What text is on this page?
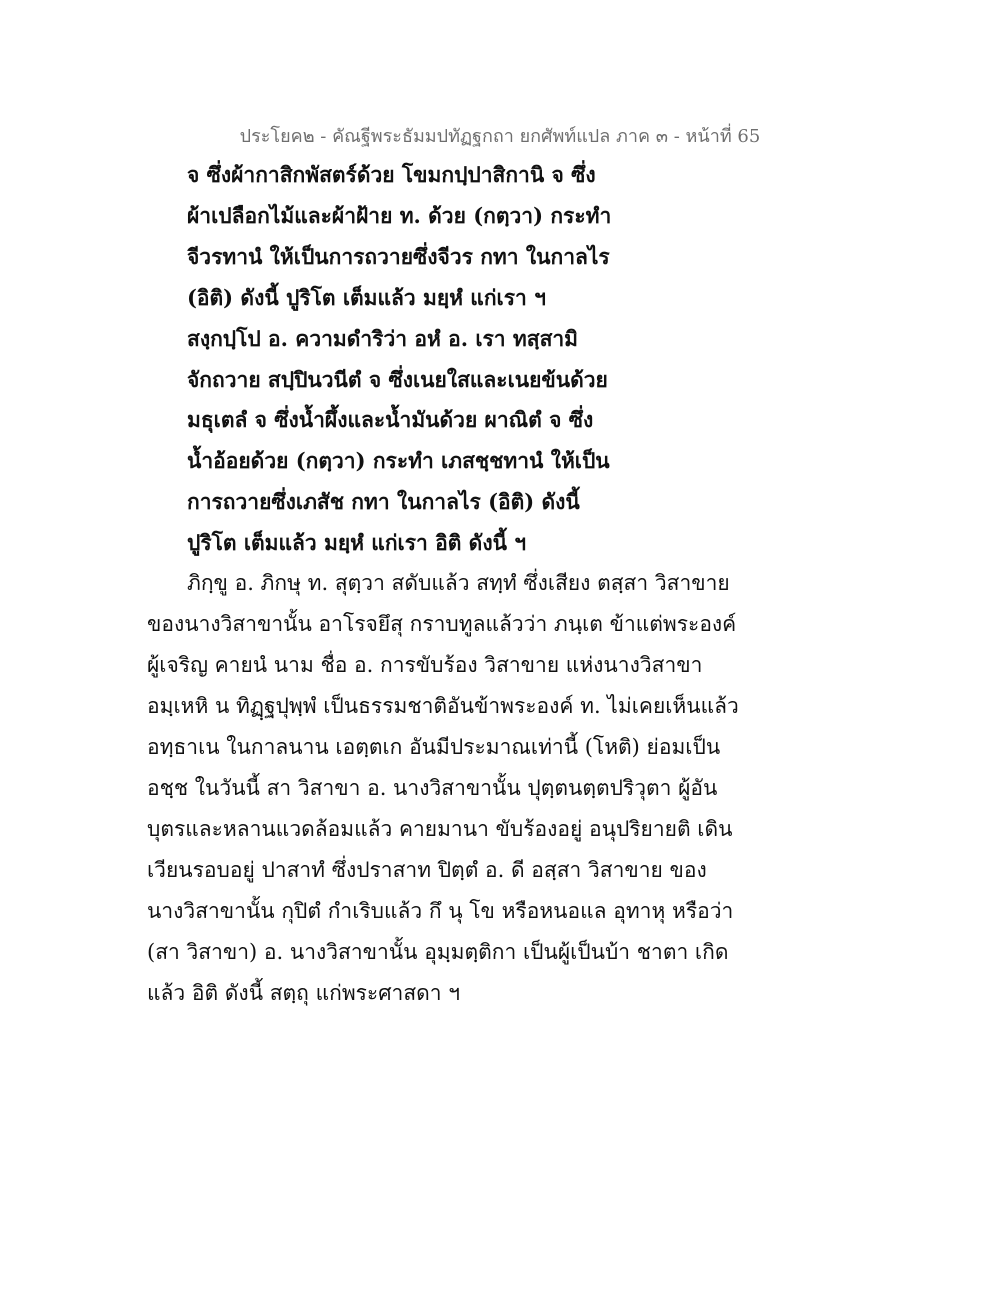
ประโยค๒ - คัณฐีพระธัมมปทัฏฐกถา ยกศัพท์แปล ภาค ๓ - หน้าที่ 65
จ ซึ่งผ้ากาสิกพัสตร์ด้วย โขมกปฺปาสิกานิ จ ซึ่ง
ผ้าเปลือกไม้และผ้าฝ้าย ท. ด้วย (กตฺวา) กระทำ
จีวรทานํ ให้เป็นการถวายซึ่งจีวร กทา ในกาลไร
(อิติ) ดังนี้ ปูริโต เต็มแล้ว มยฺหํ แก่เรา ฯ
สงฺกปฺโป อ. ความดำริว่า อหํ อ. เรา ทสฺสามิ
จักถวาย สปฺปินวนีตํ จ ซึ่งเนยใสและเนยข้นด้วย
มธุเตลํ จ ซึ่งน้ำผึ้งและน้ำมันด้วย ผาณิตํ จ ซึ่ง
น้ำอ้อยด้วย (กตฺวา) กระทำ เภสชฺชทานํ ให้เป็น
การถวายซึ่งเภสัช กทา ในกาลไร (อิติ) ดังนี้
ปูริโต เต็มแล้ว มยฺหํ แก่เรา อิติ ดังนี้ ฯ
ภิกฺขู อ. ภิกษุ ท. สุตฺวา สดับแล้ว สทฺทํ ซึ่งเสียง ตสฺสา วิสาขาย
ของนางวิสาขานั้น อาโรจยึสุ กราบทูลแล้วว่า ภนฺเต ข้าแต่พระองค์
ผู้เจริญ คายนํ นาม ชื่อ อ. การขับร้อง วิสาขาย แห่งนางวิสาขา
อมฺเหหิ น ทิฏฺฐปุพฺพํ เป็นธรรมชาติอันข้าพระองค์ ท. ไม่เคยเห็นแล้ว
อทฺธาเน ในกาลนาน เอตฺตเก อันมีประมาณเท่านี้ (โหติ) ย่อมเป็น
อชฺช ในวันนี้ สา วิสาขา อ. นางวิสาขานั้น ปุตฺตนตฺตปริวุตา ผู้อัน
บุตรและหลานแวดล้อมแล้ว คายมานา ขับร้องอยู่ อนุปริยายติ เดิน
เวียนรอบอยู่ ปาสาทํ ซึ่งปราสาท ปิตฺตํ อ. ดี อสฺสา วิสาขาย ของ
นางวิสาขานั้น กุปิตํ กำเริบแล้ว กึ นุ โข หรือหนอแล อุทาหุ หรือว่า
(สา วิสาขา) อ. นางวิสาขานั้น อุมฺมตฺติกา เป็นผู้เป็นบ้า ชาตา เกิด
แล้ว อิติ ดังนี้ สตฺถุ แก่พระศาสดา ฯ
